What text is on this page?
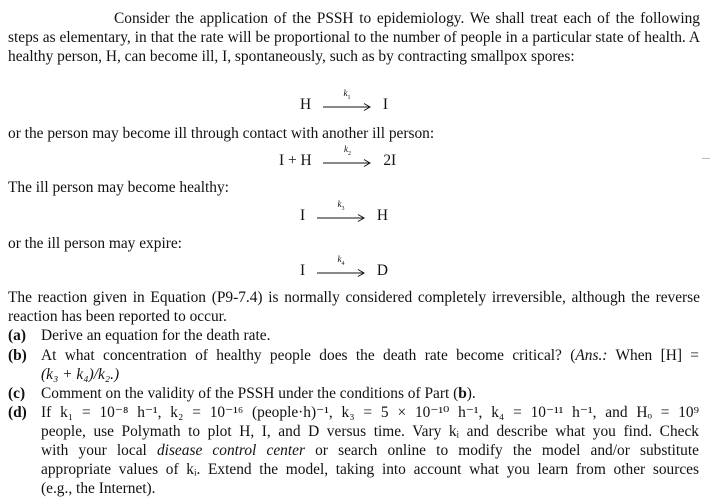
Consider the application of the PSSH to epidemiology. We shall treat each of the following steps as elementary, in that the rate will be proportional to the number of people in a particular state of health. A healthy person, H, can become ill, I, spontaneously, such as by contracting smallpox spores:

H
$k_1$	I

or the person may become ill through contact with another ill person:

I + H
$k_2$	2I

The ill person may become healthy:

I
$k_3$	H

or the ill person may expire:

I
$k_4$	D

The reaction given in Equation (P9-7.4) is normally considered completely irreversible, although the reverse reaction has been reported to occur.

(a) Derive an equation for the death rate.
(b) At what concentration of healthy people does the death rate become critical? (Ans.: When [H] =
(k₃ + k₄)/k₂.)
(c) Comment on the validity of the PSSH under the conditions of Part (b).
(d) If k₁ = 10⁻⁸ h⁻¹, k₂ = 10⁻¹⁶ (people·h)⁻¹, k₃ = 5 × 10⁻¹⁰ h⁻¹, k₄ = 10⁻¹¹ h⁻¹, and Hₒ = 10⁹
people, use Polymath to plot H, I, and D versus time. Vary kᵢ and describe what you find. Check
with your local disease control center or search online to modify the model and/or substitute
appropriate values of kᵢ. Extend the model, taking into account what you learn from other sources
(e.g., the Internet).
